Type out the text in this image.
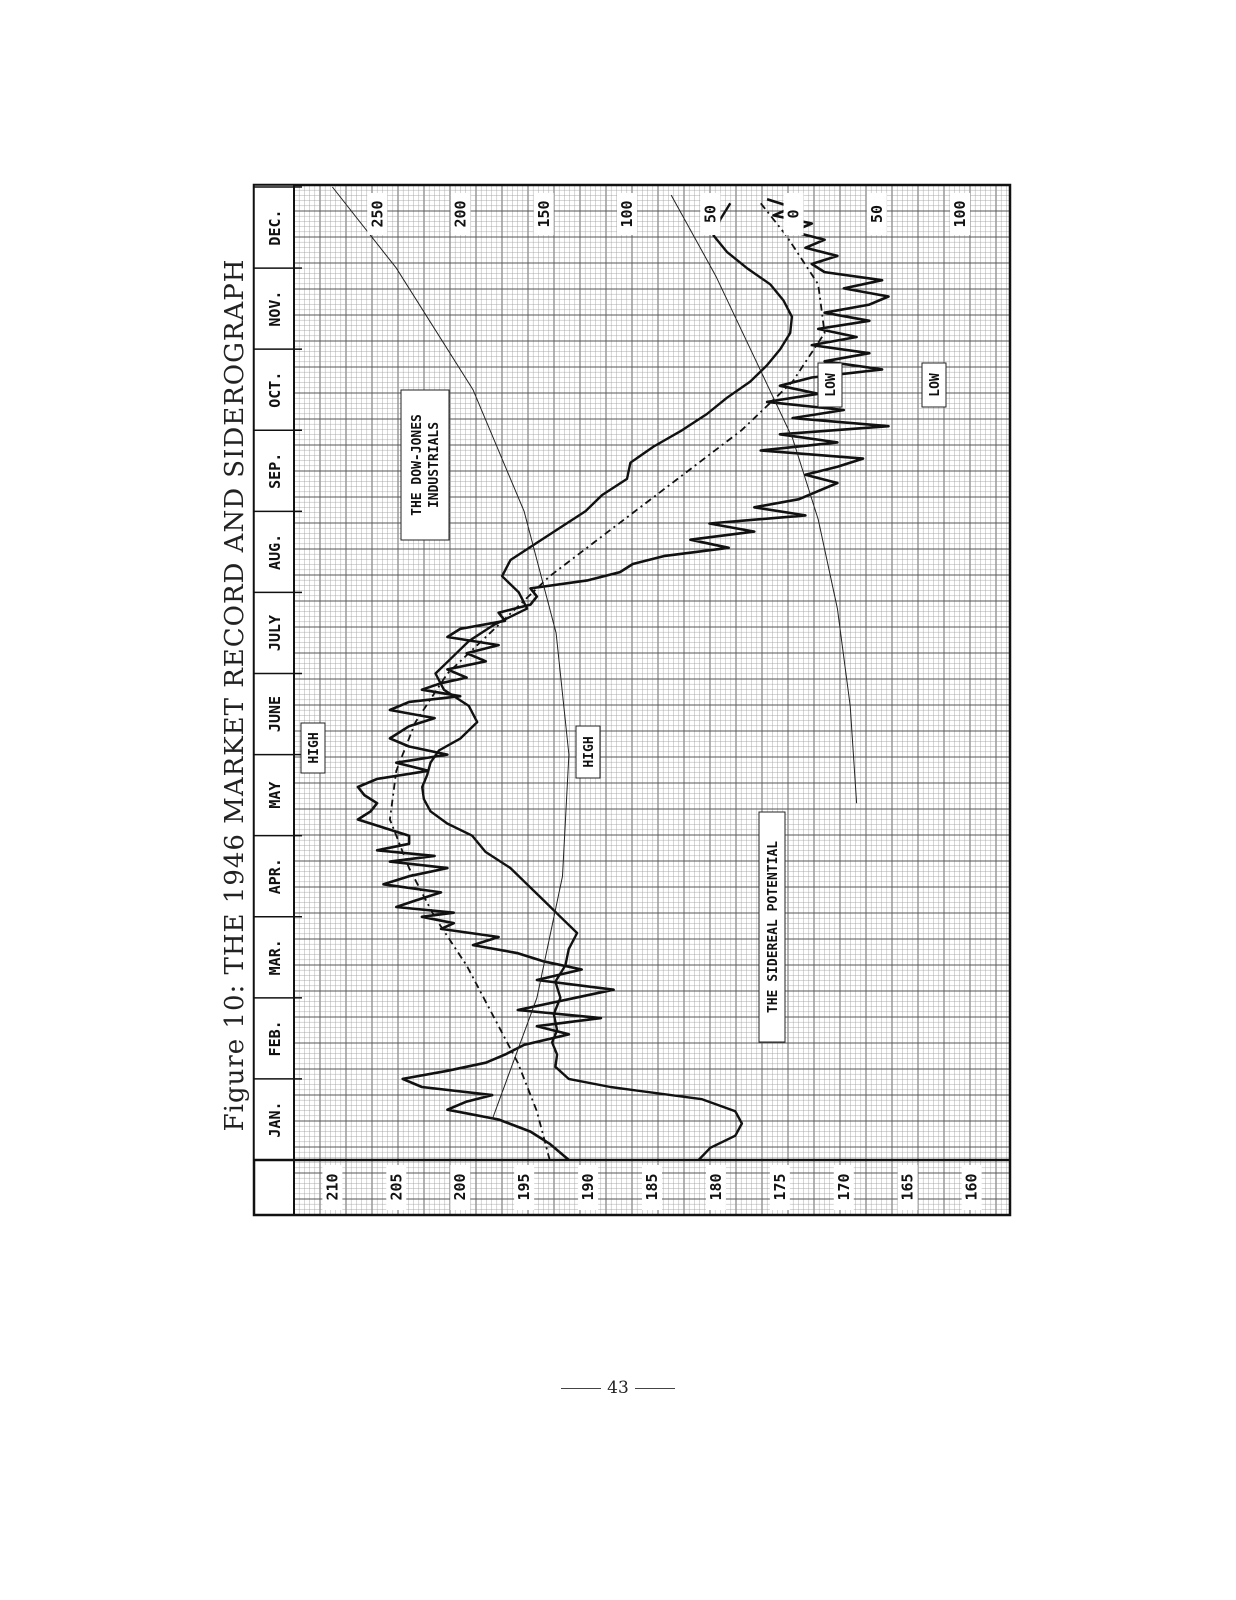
Figure 10: THE 1946 MARKET RECORD AND SIDEROGRAPH JAN.
FEB.
MAR.
APR.
MAY
JUNE
JULY
AUG.
SEP.
OCT.
NOV.
DEC.
210	205	200	195	190	185	180	175	170	165	160
250	200	150	100	50	0	50	100
THE DOW-JONES INDUSTRIALS
HIGH	HIGH
LOW	LOW
THE SIDEREAL POTENTIAL
43
